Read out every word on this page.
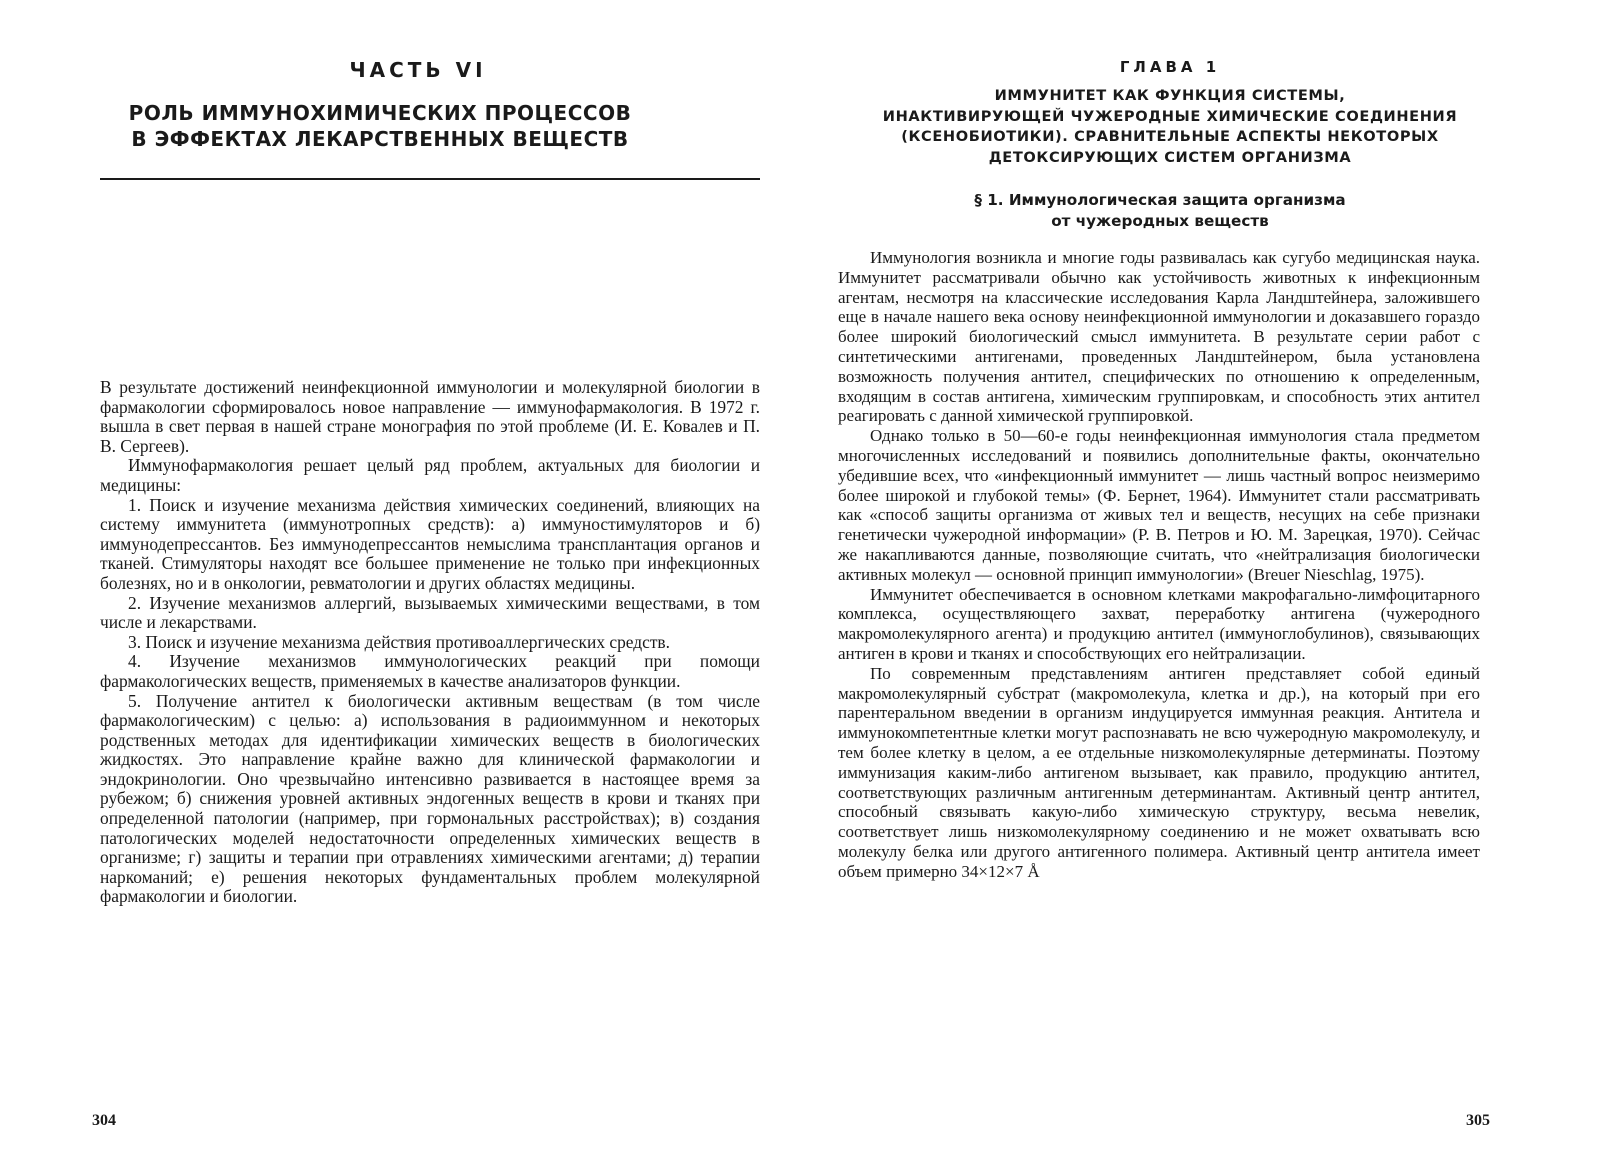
ЧАСТЬ VI
РОЛЬ ИММУНОХИМИЧЕСКИХ ПРОЦЕССОВ
В ЭФФЕКТАХ ЛЕКАРСТВЕННЫХ ВЕЩЕСТВ

В результате достижений неинфекционной иммунологии и молекулярной биологии в фармакологии сформировалось новое направление — иммунофармакология. В 1972 г. вышла в свет первая в нашей стране монография по этой проблеме (И. Е. Ковалев и П. В. Сергеев).

Иммунофармакология решает целый ряд проблем, актуальных для биологии и медицины:

1. Поиск и изучение механизма действия химических соединений, влияющих на систему иммунитета (иммунотропных средств): а) иммуностимуляторов и б) иммунодепрессантов. Без иммунодепрессантов немыслима трансплантация органов и тканей. Стимуляторы находят все большее применение не только при инфекционных болезнях, но и в онкологии, ревматологии и других областях медицины.

2. Изучение механизмов аллергий, вызываемых химическими веществами, в том числе и лекарствами.

3. Поиск и изучение механизма действия противоаллергических средств.

4. Изучение механизмов иммунологических реакций при помощи фармакологических веществ, применяемых в качестве анализаторов функции.

5. Получение антител к биологически активным веществам (в том числе фармакологическим) с целью: а) использования в радиоиммунном и некоторых родственных методах для идентификации химических веществ в биологических жидкостях. Это направление крайне важно для клинической фармакологии и эндокринологии. Оно чрезвычайно интенсивно развивается в настоящее время за рубежом; б) снижения уровней активных эндогенных веществ в крови и тканях при определенной патологии (например, при гормональных расстройствах); в) создания патологических моделей недостаточности определенных химических веществ в организме; г) защиты и терапии при отравлениях химическими агентами; д) терапии наркоманий; е) решения некоторых фундаментальных проблем молекулярной фармакологии и биологии.

304
ГЛАВА 1
ИММУНИТЕТ КАК ФУНКЦИЯ СИСТЕМЫ,
ИНАКТИВИРУЮЩЕЙ ЧУЖЕРОДНЫЕ ХИМИЧЕСКИЕ СОЕДИНЕНИЯ
(КСЕНОБИОТИКИ). СРАВНИТЕЛЬНЫЕ АСПЕКТЫ НЕКОТОРЫХ
ДЕТОКСИРУЮЩИХ СИСТЕМ ОРГАНИЗМА
§ 1. Иммунологическая защита организма
от чужеродных веществ

Иммунология возникла и многие годы развивалась как сугубо медицинская наука. Иммунитет рассматривали обычно как устойчивость животных к инфекционным агентам, несмотря на классические исследования Карла Ландштейнера, заложившего еще в начале нашего века основу неинфекционной иммунологии и доказавшего гораздо более широкий биологический смысл иммунитета. В результате серии работ с синтетическими антигенами, проведенных Ландштейнером, была установлена возможность получения антител, специфических по отношению к определенным, входящим в состав антигена, химическим группировкам, и способность этих антител реагировать с данной химической группировкой.

Однако только в 50—60-е годы неинфекционная иммунология стала предметом многочисленных исследований и появились дополнительные факты, окончательно убедившие всех, что «инфекционный иммунитет — лишь частный вопрос неизмеримо более широкой и глубокой темы» (Ф. Бернет, 1964). Иммунитет стали рассматривать как «способ защиты организма от живых тел и веществ, несущих на себе признаки генетически чужеродной информации» (Р. В. Петров и Ю. М. Зарецкая, 1970). Сейчас же накапливаются данные, позволяющие считать, что «нейтрализация биологически активных молекул — основной принцип иммунологии» (Breuer Nieschlag, 1975).

Иммунитет обеспечивается в основном клетками макрофагально-лимфоцитарного комплекса, осуществляющего захват, переработку антигена (чужеродного макромолекулярного агента) и продукцию антител (иммуноглобулинов), связывающих антиген в крови и тканях и способствующих его нейтрализации.

По современным представлениям антиген представляет собой единый макромолекулярный субстрат (макромолекула, клетка и др.), на который при его парентеральном введении в организм индуцируется иммунная реакция. Антитела и иммунокомпетентные клетки могут распознавать не всю чужеродную макромолекулу, и тем более клетку в целом, а ее отдельные низкомолекулярные детерминаты. Поэтому иммунизация каким-либо антигеном вызывает, как правило, продукцию антител, соответствующих различным антигенным детерминантам. Активный центр антител, способный связывать какую-либо химическую структуру, весьма невелик, соответствует лишь низкомолекулярному соединению и не может охватывать всю молекулу белка или другого антигенного полимера. Активный центр антитела имеет объем примерно 34×12×7 Å

305
